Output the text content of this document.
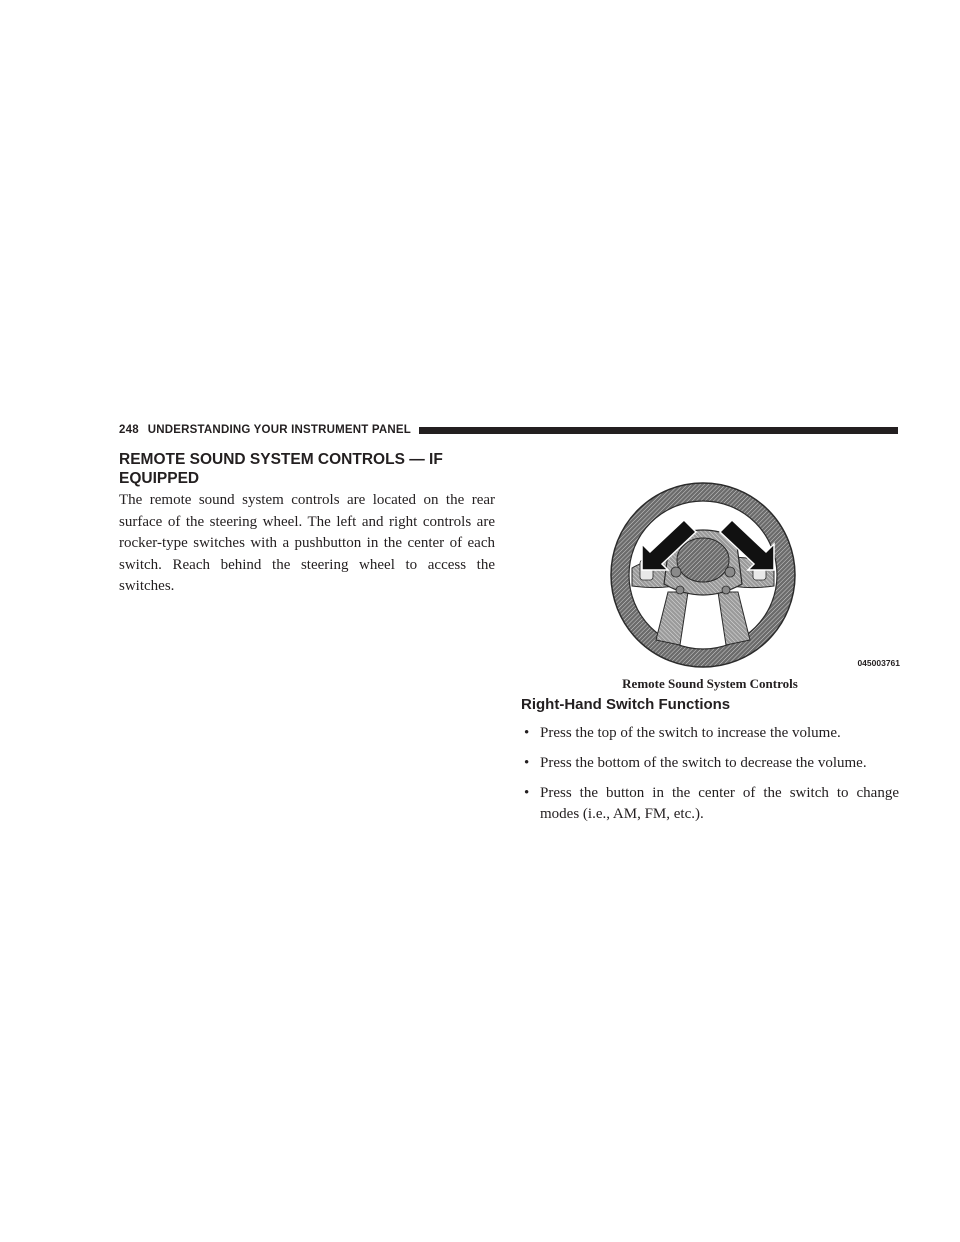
248 UNDERSTANDING YOUR INSTRUMENT PANEL
REMOTE SOUND SYSTEM CONTROLS — IF EQUIPPED

The remote sound system controls are located on the rear surface of the steering wheel. The left and right controls are rocker-type switches with a pushbutton in the center of each switch. Reach behind the steering wheel to access the switches.

045003761
Remote Sound System Controls
Right-Hand Switch Functions
• Press the top of the switch to increase the volume.
• Press the bottom of the switch to decrease the volume.
• Press the button in the center of the switch to change modes (i.e., AM, FM, etc.).
